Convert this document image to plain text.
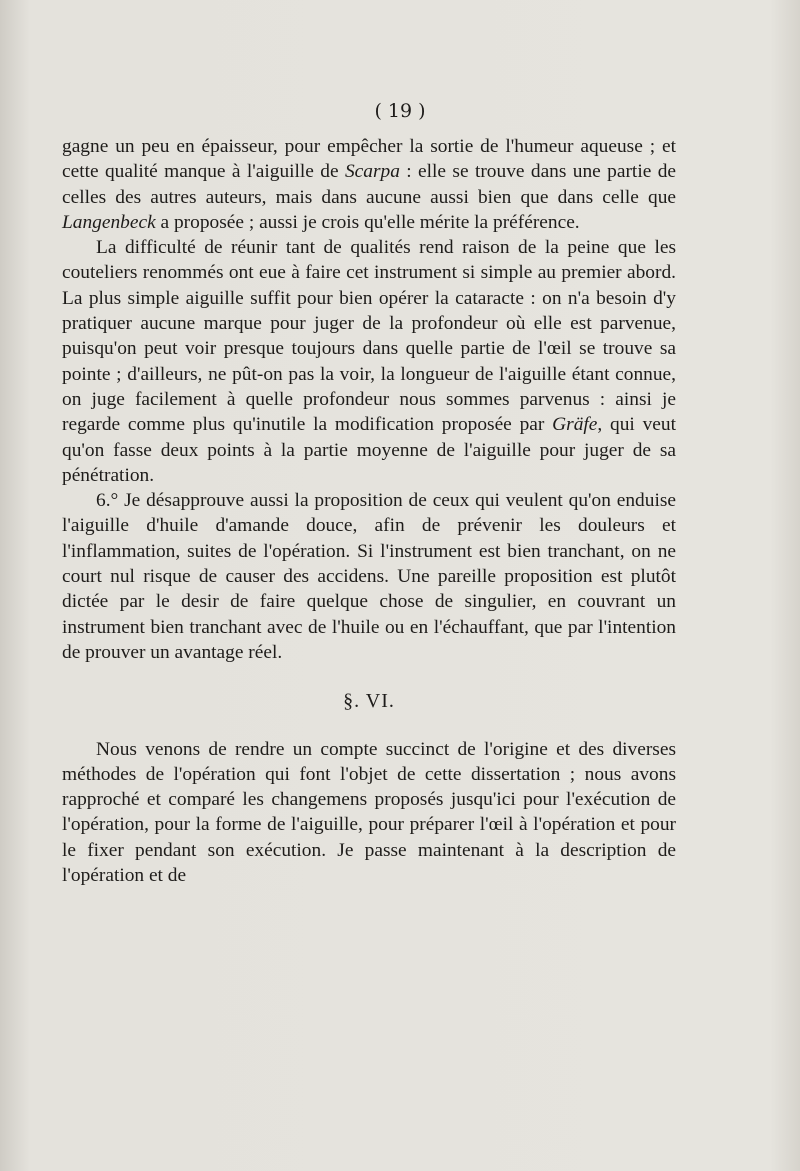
( 19 )

gagne un peu en épaisseur, pour empêcher la sortie de l'humeur aqueuse ; et cette qualité manque à l'aiguille de Scarpa : elle se trouve dans une partie de celles des autres auteurs, mais dans aucune aussi bien que dans celle que Langenbeck a proposée ; aussi je crois qu'elle mérite la préférence.

La difficulté de réunir tant de qualités rend raison de la peine que les couteliers renommés ont eue à faire cet instrument si simple au premier abord. La plus simple aiguille suffit pour bien opérer la cataracte : on n'a besoin d'y pratiquer aucune marque pour juger de la profondeur où elle est parvenue, puisqu'on peut voir presque toujours dans quelle partie de l'œil se trouve sa pointe ; d'ailleurs, ne pût-on pas la voir, la longueur de l'aiguille étant connue, on juge facilement à quelle profondeur nous sommes parvenus : ainsi je regarde comme plus qu'inutile la modification proposée par Gräfe, qui veut qu'on fasse deux points à la partie moyenne de l'aiguille pour juger de sa pénétration.

6.° Je désapprouve aussi la proposition de ceux qui veulent qu'on enduise l'aiguille d'huile d'amande douce, afin de prévenir les douleurs et l'inflammation, suites de l'opération. Si l'instrument est bien tranchant, on ne court nul risque de causer des accidens. Une pareille proposition est plutôt dictée par le desir de faire quelque chose de singulier, en couvrant un instrument bien tranchant avec de l'huile ou en l'échauffant, que par l'intention de prouver un avantage réel.

§. VI.

Nous venons de rendre un compte succinct de l'origine et des diverses méthodes de l'opération qui font l'objet de cette dissertation ; nous avons rapproché et comparé les changemens proposés jusqu'ici pour l'exécution de l'opération, pour la forme de l'aiguille, pour préparer l'œil à l'opération et pour le fixer pendant son exécution. Je passe maintenant à la description de l'opération et de
